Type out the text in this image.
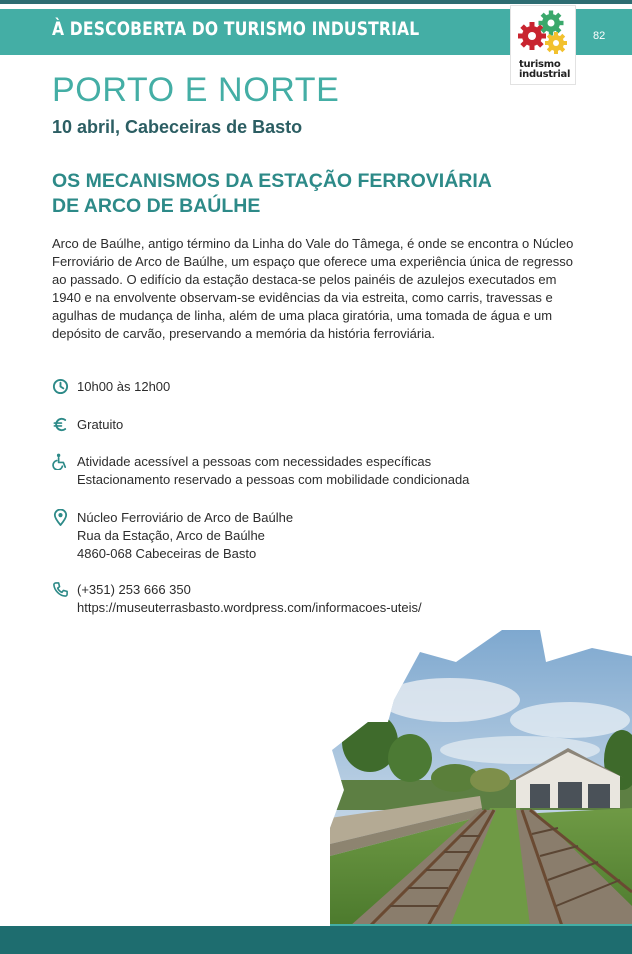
À DESCOBERTA DO TURISMO INDUSTRIAL	82
turismo
industrial
PORTO E NORTE
10 abril, Cabeceiras de Basto
OS MECANISMOS DA ESTAÇÃO FERROVIÁRIA
DE ARCO DE BAÚLHE
Arco de Baúlhe, antigo término da Linha do Vale do Tâmega, é onde se encontra o Núcleo
Ferroviário de Arco de Baúlhe, um espaço que oferece uma experiência única de regresso
ao passado. O edifício da estação destaca-se pelos painéis de azulejos executados em
1940 e na envolvente observam-se evidências da via estreita, como carris, travessas e
agulhas de mudança de linha, além de uma placa giratória, uma tomada de água e um
depósito de carvão, preservando a memória da história ferroviária.
10h00 às 12h00
Gratuito
Atividade acessível a pessoas com necessidades específicas
Estacionamento reservado a pessoas com mobilidade condicionada
Núcleo Ferroviário de Arco de Baúlhe
Rua da Estação, Arco de Baúlhe
4860-068 Cabeceiras de Basto
(+351) 253 666 350
https://museuterrasbasto.wordpress.com/informacoes-uteis/
